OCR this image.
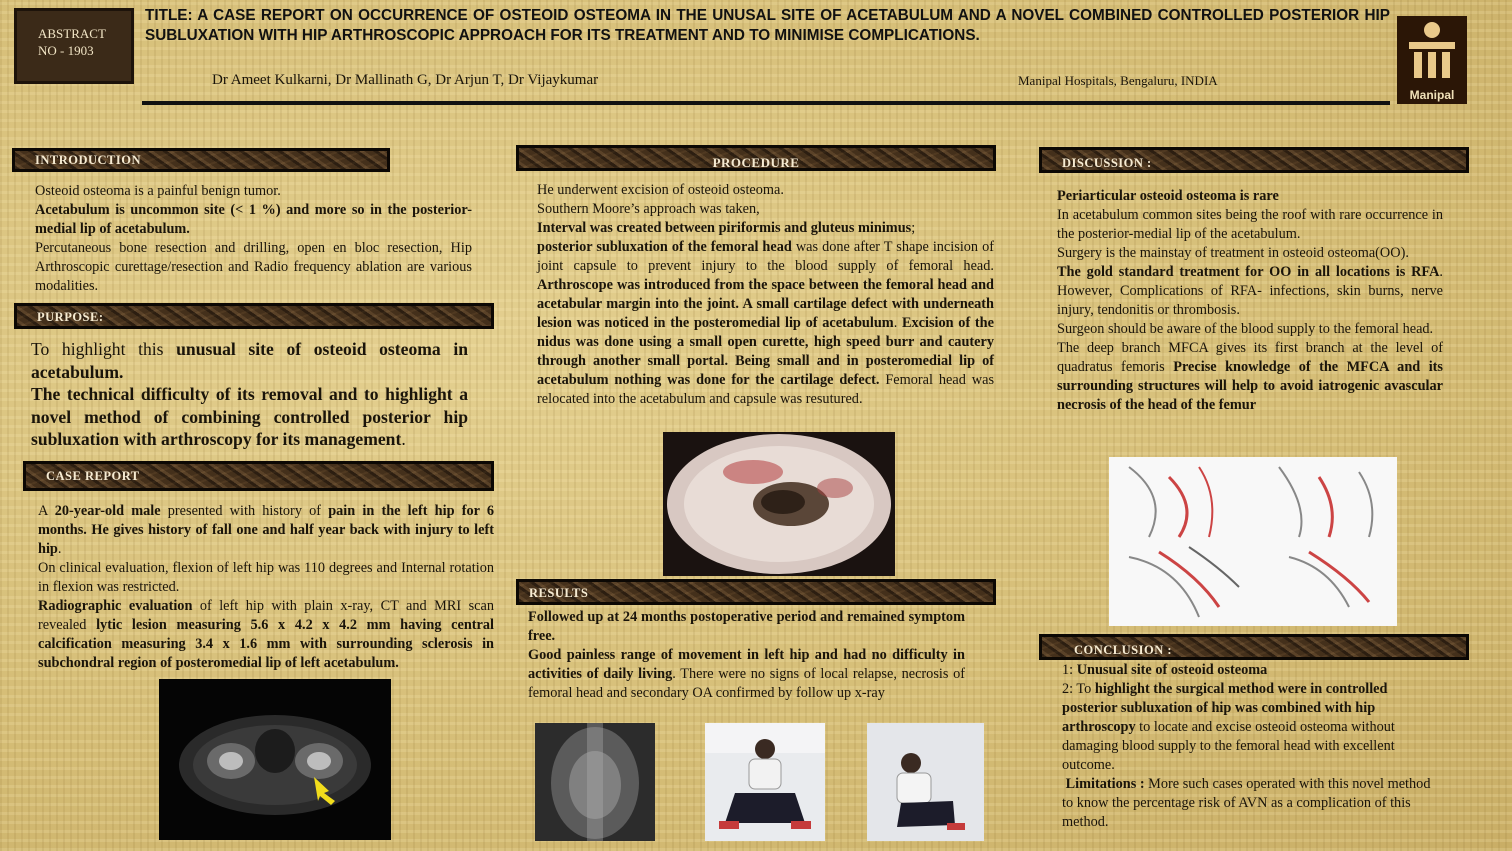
ABSTRACT
NO - 1903
TITLE: A CASE REPORT ON OCCURRENCE OF OSTEOID OSTEOMA IN THE UNUSAL SITE OF ACETABULUM AND A NOVEL COMBINED CONTROLLED POSTERIOR HIP SUBLUXATION WITH HIP ARTHROSCOPIC APPROACH FOR ITS TREATMENT AND TO MINIMISE COMPLICATIONS.
Dr Ameet Kulkarni, Dr Mallinath G, Dr Arjun T, Dr Vijaykumar	Manipal Hospitals, Bengaluru, INDIA
Manipal
INTRODUCTION

Osteoid osteoma is a painful benign tumor.

Acetabulum is uncommon site (< 1 %) and more so in the posterior- medial lip of acetabulum.

Percutaneous bone resection and drilling, open en bloc resection, Hip Arthroscopic curettage/resection and Radio frequency ablation are various modalities.

PURPOSE:

To highlight this unusual site of osteoid osteoma in acetabulum.

The technical difficulty of its removal and to highlight a novel method of combining controlled posterior hip subluxation with arthroscopy for its management.

CASE REPORT

A 20-year-old male presented with history of pain in the left hip for 6 months. He gives history of fall one and half year back with injury to left hip.

On clinical evaluation, flexion of left hip was 110 degrees and Internal rotation in flexion was restricted.

Radiographic evaluation of left hip with plain x-ray, CT and MRI scan revealed lytic lesion measuring 5.6 x 4.2 x 4.2 mm having central calcification measuring 3.4 x 1.6 mm with surrounding sclerosis in subchondral region of posteromedial lip of left acetabulum.

PROCEDURE

He underwent excision of osteoid osteoma.

Southern Moore’s approach was taken,

Interval was created between piriformis and gluteus minimus;

posterior subluxation of the femoral head was done after T shape incision of joint capsule to prevent injury to the blood supply of femoral head. Arthroscope was introduced from the space between the femoral head and acetabular margin into the joint. A small cartilage defect with underneath lesion was noticed in the posteromedial lip of acetabulum. Excision of the nidus was done using a small open curette, high speed burr and cautery through another small portal. Being small and in posteromedial lip of acetabulum nothing was done for the cartilage defect. Femoral head was relocated into the acetabulum and capsule was resutured.

RESULTS

Followed up at 24 months postoperative period and remained symptom free.

Good painless range of movement in left hip and had no difficulty in activities of daily living. There were no signs of local relapse, necrosis of femoral head and secondary OA confirmed by follow up x-ray

DISCUSSION :

Periarticular osteoid osteoma is rare

In acetabulum common sites being the roof with rare occurrence in the posterior-medial lip of the acetabulum.

Surgery is the mainstay of treatment in osteoid osteoma(OO).

The gold standard treatment for OO in all locations is RFA. However, Complications of RFA- infections, skin burns, nerve injury, tendonitis or thrombosis.

Surgeon should be aware of the blood supply to the femoral head.

The deep branch MFCA gives its first branch at the level of quadratus femoris Precise knowledge of the MFCA and its surrounding structures will help to avoid iatrogenic avascular necrosis of the head of the femur

CONCLUSION :

1: Unusual site of osteoid osteoma

2: To highlight the surgical method were in controlled posterior subluxation of hip was combined with hip arthroscopy to locate and excise osteoid osteoma without damaging blood supply to the femoral head with excellent outcome.

Limitations : More such cases operated with this novel method to know the percentage risk of AVN as a complication of this method.
